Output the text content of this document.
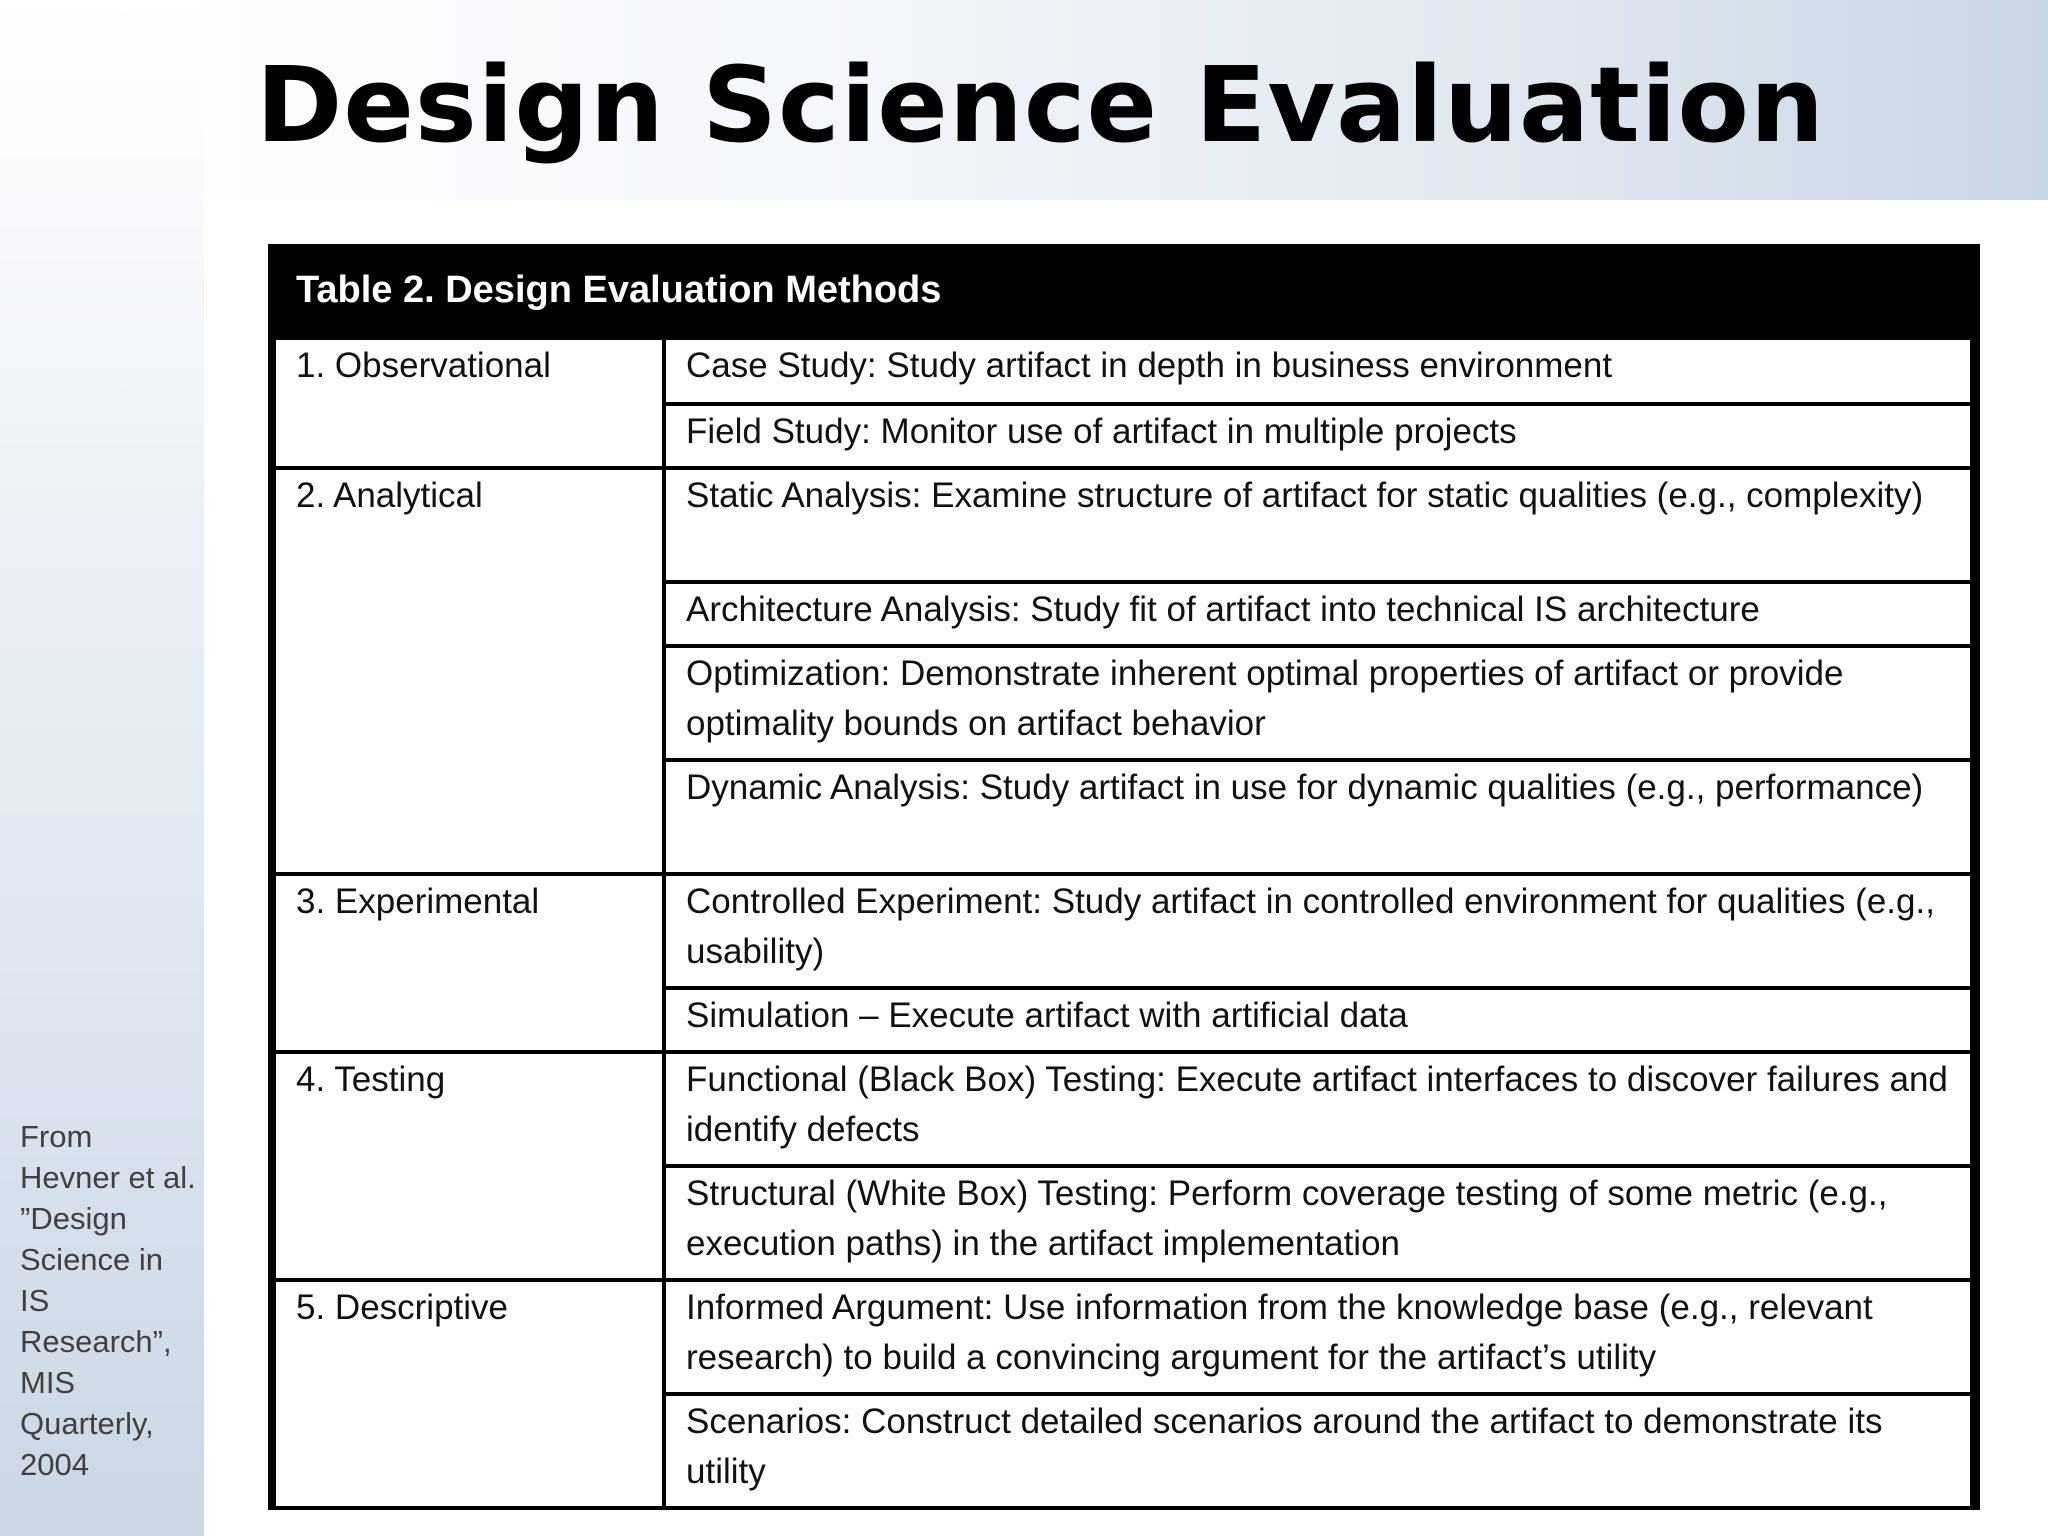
Design Science Evaluation
From Hevner et al. ”Design Science in IS Research”, MIS Quarterly, 2004
Table 2. Design Evaluation Methods
1. Observational	Case Study: Study artifact in depth in business environment
	Field Study: Monitor use of artifact in multiple projects
2. Analytical	Static Analysis: Examine structure of artifact for static qualities (e.g., complexity)
	Architecture Analysis: Study fit of artifact into technical IS architecture
	Optimization: Demonstrate inherent optimal properties of artifact or provide optimality bounds on artifact behavior
	Dynamic Analysis: Study artifact in use for dynamic qualities (e.g., performance)
3. Experimental	Controlled Experiment: Study artifact in controlled environment for qualities (e.g., usability)
	Simulation – Execute artifact with artificial data
4. Testing	Functional (Black Box) Testing: Execute artifact interfaces to discover failures and identify defects
	Structural (White Box) Testing: Perform coverage testing of some metric (e.g., execution paths) in the artifact implementation
5. Descriptive	Informed Argument: Use information from the knowledge base (e.g., relevant research) to build a convincing argument for the artifact’s utility
	Scenarios: Construct detailed scenarios around the artifact to demonstrate its utility
